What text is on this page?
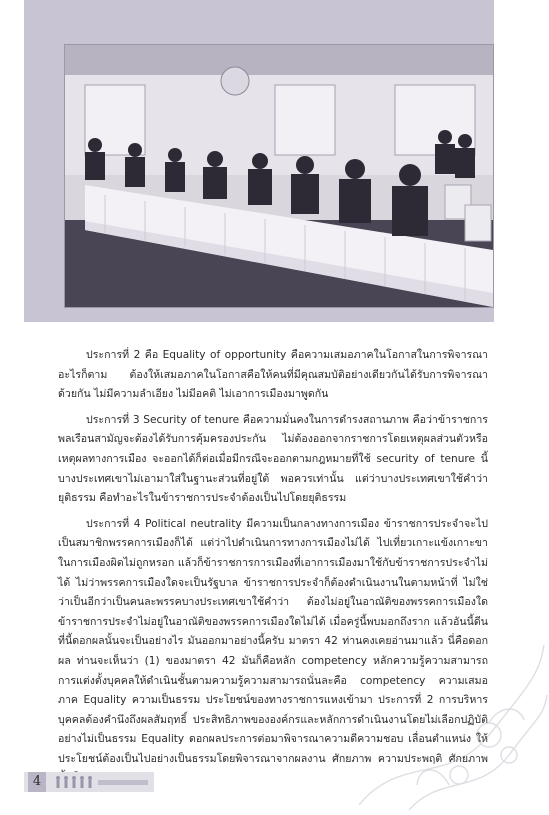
ประการที่ 2 คือ Equality of opportunity คือความเสมอภาคในโอกาสในการพิจารณาอะไรก็ตาม ต้องให้เสมอภาคในโอกาสคือให้คนที่มีคุณสมบัติอย่างเดียวกันได้รับการพิจารณาด้วยกัน ไม่มีความลำเอียง ไม่มีอคติ ไม่เอาการเมืองมาพูดกัน

ประการที่ 3 Security of tenure คือความมั่นคงในการดำรงสถานภาพ คือว่าข้าราชการพลเรือนสามัญจะต้องได้รับการคุ้มครองประกัน ไม่ต้องออกจากราชการโดยเหตุผลส่วนตัวหรือเหตุผลทางการเมือง จะออกได้ก็ต่อเมื่อมีกรณีจะออกตามกฎหมายที่ใช้ security of tenure นี้บางประเทศเขาไม่เอามาใส่ในฐานะส่วนที่อยู่ใต้ พอควรเท่านั้น แต่ว่าบางประเทศเขาใช้คำว่า ยุติธรรม คือทำอะไรในข้าราชการประจำต้องเป็นไปโดยยุติธรรม

ประการที่ 4 Political neutrality มีความเป็นกลางทางการเมือง ข้าราชการประจำจะไปเป็นสมาชิกพรรคการเมืองก็ได้ แต่ว่าไปดำเนินการทางการเมืองไม่ได้ ไปเที่ยวเกาะแข้งเกาะขาในการเมืองผิดไม่ถูกหรอก แล้วก็ข้าราชการการเมืองที่เอาการเมืองมาใช้กับข้าราชการประจำไม่ได้ ไม่ว่าพรรคการเมืองใดจะเป็นรัฐบาล ข้าราชการประจำก็ต้องดำเนินงานในตามหน้าที่ ไม่ใช่ว่าเป็นอีกว่าเป็นคนละพรรคบางประเทศเขาใช้คำว่า ต้องไม่อยู่ในอาณัติของพรรคการเมืองใด ข้าราชการประจำไม่อยู่ในอาณัติของพรรคการเมืองใดไม่ได้ เมื่อครู่นี้พบมอกถึงราก แล้วอันนี้ดีน ที่นี้ดอกผลนั้นจะเป็นอย่างไร มันออกมาอย่างนี้ครับ มาตรา 42 ท่านคงเคยอ่านมาแล้ว นี่คือดอกผล ท่านจะเห็นว่า (1) ของมาตรา 42 มันก็คือหลัก competency หลักความรู้ความสามารถ การแต่งตั้งบุคคลให้ดำเนินชั้นตามความรู้ความสามารถนั่นละคือ competency ความเสมอภาค Equality ความเป็นธรรม ประโยชน์ของทางราชการแหงเข้ามา ประการที่ 2 การบริหารบุคคลต้องคำนึงถึงผลสัมฤทธิ์ ประสิทธิภาพขององค์กรและหลักการดำเนินงานโดยไม่เลือกปฏิบัติอย่างไม่เป็นธรรม Equality ดอกผลประการต่อมาพิจารณาความดีความชอบ เลื่อนตำแหน่ง ให้ประโยชน์ต้องเป็นไปอย่างเป็นธรรมโดยพิจารณาจากผลงาน ศักยภาพ ความประพฤติ ศักยภาพ

4
